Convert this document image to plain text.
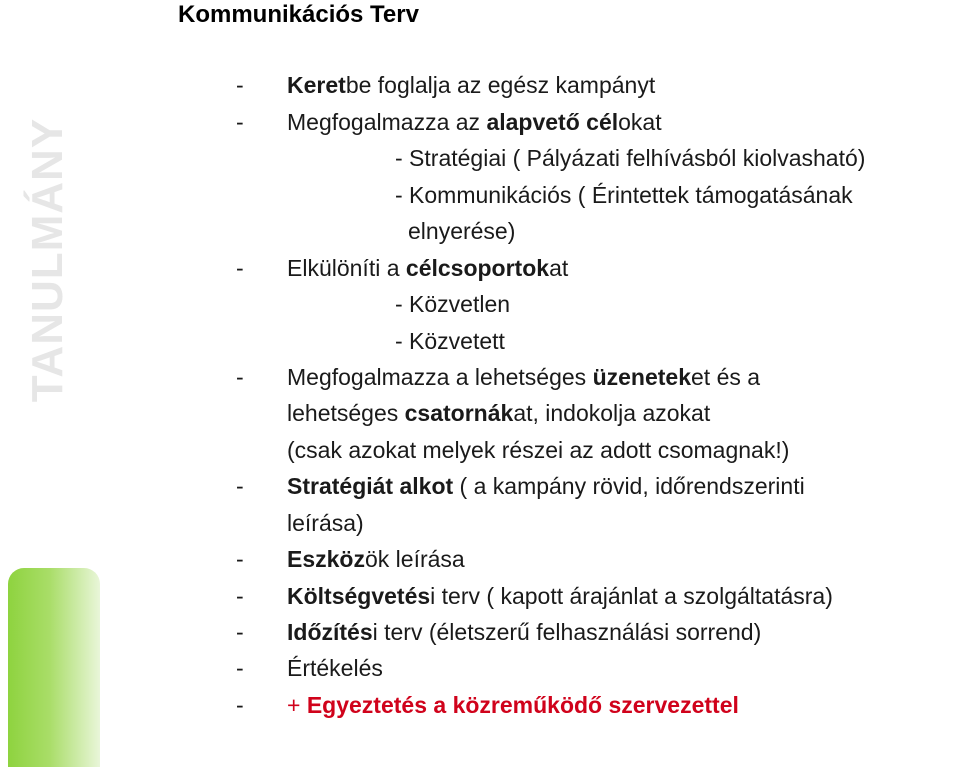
Kommunikációs Terv
TANULMÁNY
- Keretbe foglalja az egész kampányt
- Megfogalmazza az alapvető célokat
- Stratégiai ( Pályázati felhívásból kiolvasható)
- Kommunikációs ( Érintettek támogatásának
elnyerése)
- Elkülöníti a célcsoportokat
- Közvetlen
- Közvetett
- Megfogalmazza a lehetséges üzeneteket és a
lehetséges csatornákat, indokolja azokat
(csak azokat melyek részei az adott csomagnak!)
- Stratégiát alkot ( a kampány rövid, időrendszerinti
leírása)
- Eszközök leírása
- Költségvetési terv ( kapott árajánlat a szolgáltatásra)
- Időzítési terv (életszerű felhasználási sorrend)
- Értékelés
- + Egyeztetés a közreműködő szervezettel
